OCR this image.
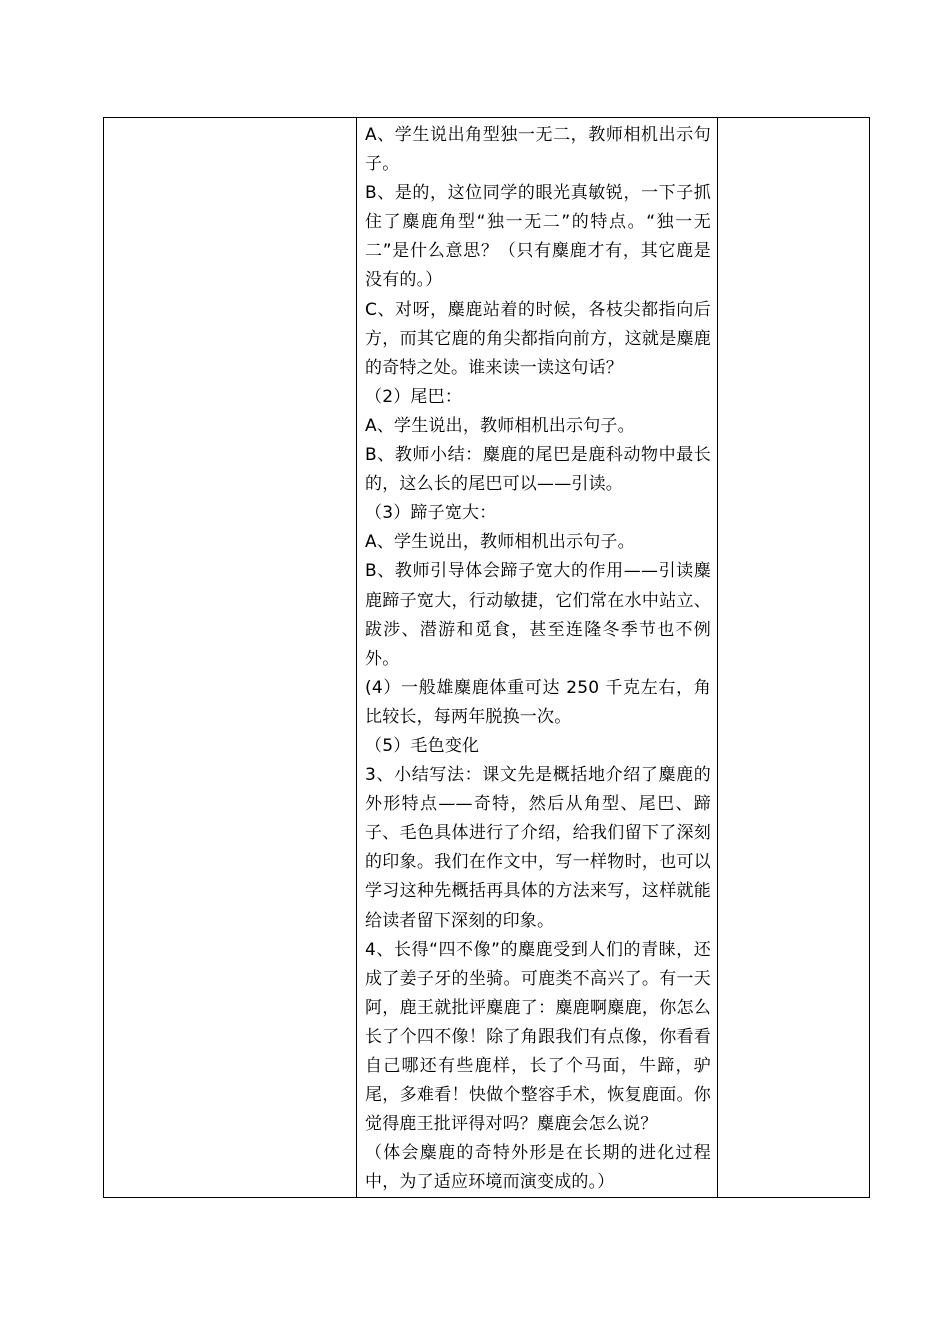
A、学生说出角型独一无二，教师相机出示句子。

B、是的，这位同学的眼光真敏锐，一下子抓住了麋鹿角型“独一无二”的特点。“独一无二”是什么意思？（只有麋鹿才有，其它鹿是没有的。）

C、对呀，麋鹿站着的时候，各枝尖都指向后方，而其它鹿的角尖都指向前方，这就是麋鹿的奇特之处。谁来读一读这句话？

（2）尾巴：

A、学生说出，教师相机出示句子。

B、教师小结：麋鹿的尾巴是鹿科动物中最长的，这么长的尾巴可以——引读。

（3）蹄子宽大：

A、学生说出，教师相机出示句子。

B、教师引导体会蹄子宽大的作用——引读麋鹿蹄子宽大，行动敏捷，它们常在水中站立、跋涉、潜游和觅食，甚至连隆冬季节也不例外。

(4）一般雄麋鹿体重可达 250 千克左右，角比较长，每两年脱换一次。

（5）毛色变化

3、小结写法：课文先是概括地介绍了麋鹿的外形特点——奇特，然后从角型、尾巴、蹄子、毛色具体进行了介绍，给我们留下了深刻的印象。我们在作文中，写一样物时，也可以学习这种先概括再具体的方法来写，这样就能给读者留下深刻的印象。

4、长得“四不像”的麋鹿受到人们的青睐，还成了姜子牙的坐骑。可鹿类不高兴了。有一天阿，鹿王就批评麋鹿了：麋鹿啊麋鹿，你怎么长了个四不像！除了角跟我们有点像，你看看自己哪还有些鹿样，长了个马面，牛蹄，驴尾，多难看！快做个整容手术，恢复鹿面。你觉得鹿王批评得对吗？麋鹿会怎么说？

（体会麋鹿的奇特外形是在长期的进化过程中，为了适应环境而演变成的。）
